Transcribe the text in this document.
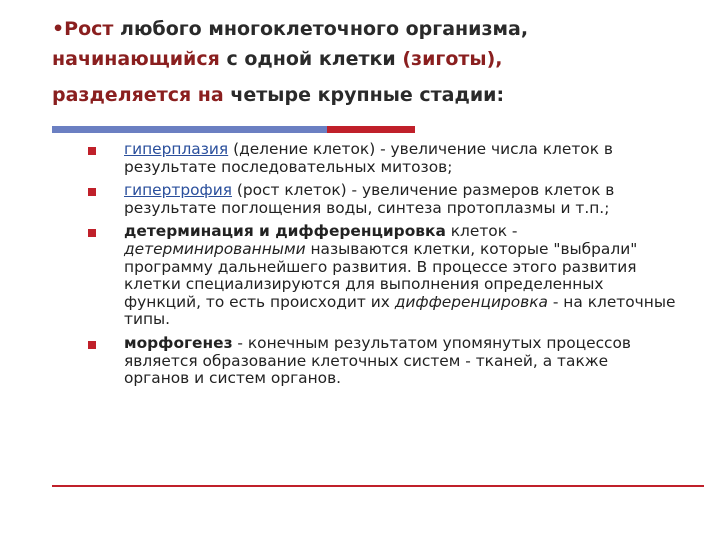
•Рост любого многоклеточного организма,
начинающийся с одной клетки (зиготы),
разделяется на четыре крупные стадии:
гиперплазия (деление клеток) - увеличение числа клеток в результате последовательных митозов;
гипертрофия (рост клеток) - увеличение размеров клеток в результате поглощения воды, синтеза протоплазмы и т.п.;
детерминация и дифференцировка клеток - детерминированными называются клетки, которые "выбрали" программу дальнейшего развития. В процессе этого развития клетки специализируются для выполнения определенных функций, то есть происходит их дифференцировка - на клеточные типы.
морфогенез - конечным результатом упомянутых процессов является образование клеточных систем - тканей, а также органов и систем органов.
